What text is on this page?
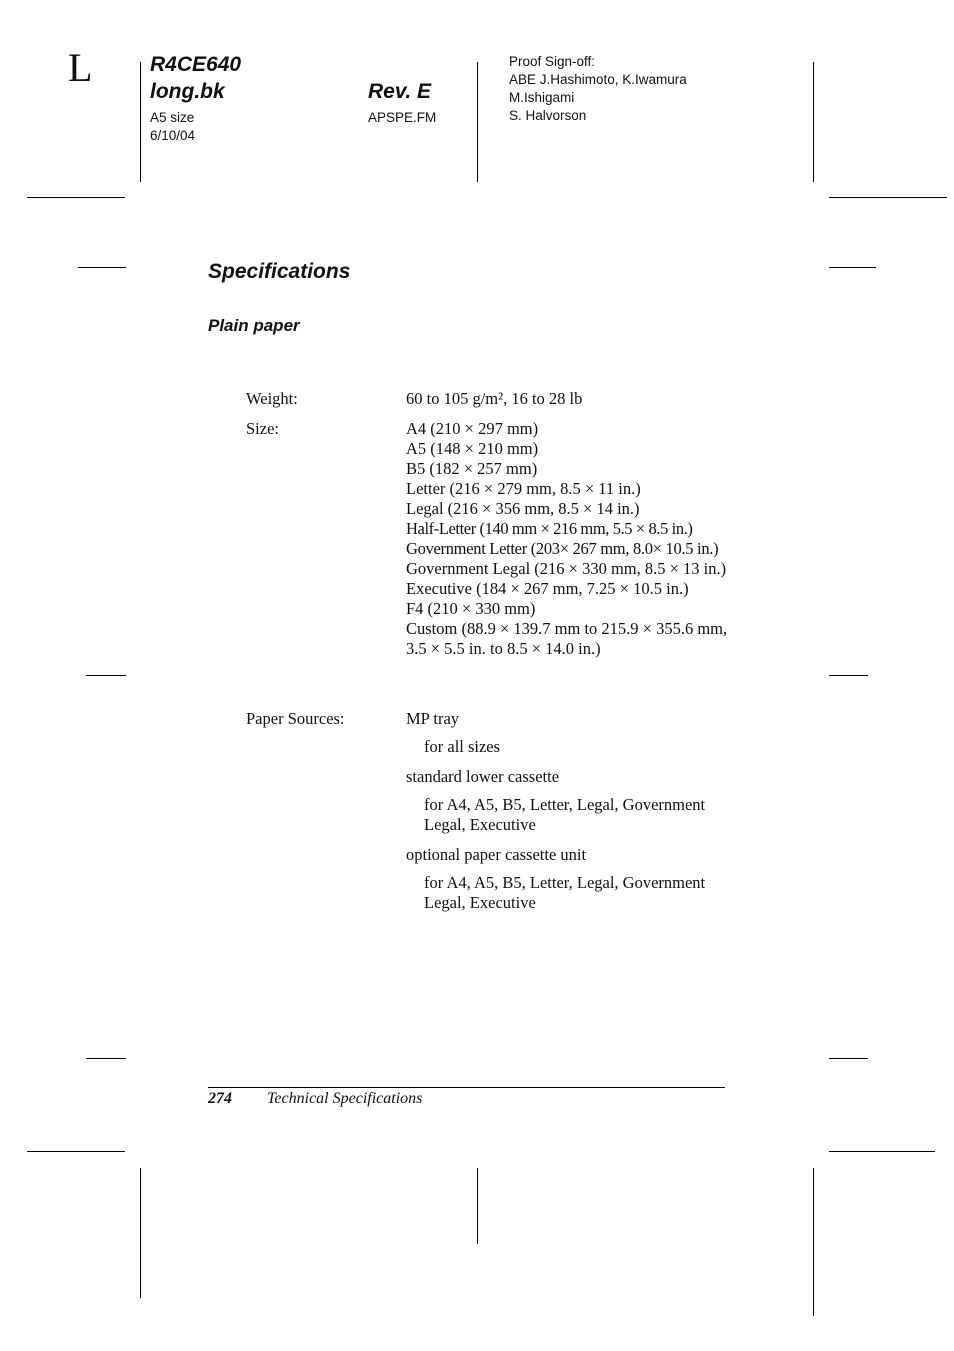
L	R4CE640
long.bk	Rev. E
A5 size
6/10/04
APSPE.FM
Proof Sign-off:
ABE J.Hashimoto, K.Iwamura
M.Ishigami
S. Halvorson
Specifications
Plain paper
Weight:	60 to 105 g/m², 16 to 28 lb
Size:	A4 (210 × 297 mm)
A5 (148 × 210 mm)
B5 (182 × 257 mm)
Letter (216 × 279 mm, 8.5 × 11 in.)
Legal (216 × 356 mm, 8.5 × 14 in.)
Half-Letter (140 mm × 216 mm, 5.5 × 8.5 in.)
Government Letter (203× 267 mm, 8.0× 10.5 in.)
Government Legal (216 × 330 mm, 8.5 × 13 in.)
Executive (184 × 267 mm, 7.25 × 10.5 in.)
F4 (210 × 330 mm)
Custom (88.9 × 139.7 mm to 215.9 × 355.6 mm, 3.5 × 5.5 in. to 8.5 × 14.0 in.)
Paper Sources:	MP tray
for all sizes
standard lower cassette
for A4, A5, B5, Letter, Legal, Government Legal, Executive
optional paper cassette unit
for A4, A5, B5, Letter, Legal, Government Legal, Executive
274 Technical Specifications
